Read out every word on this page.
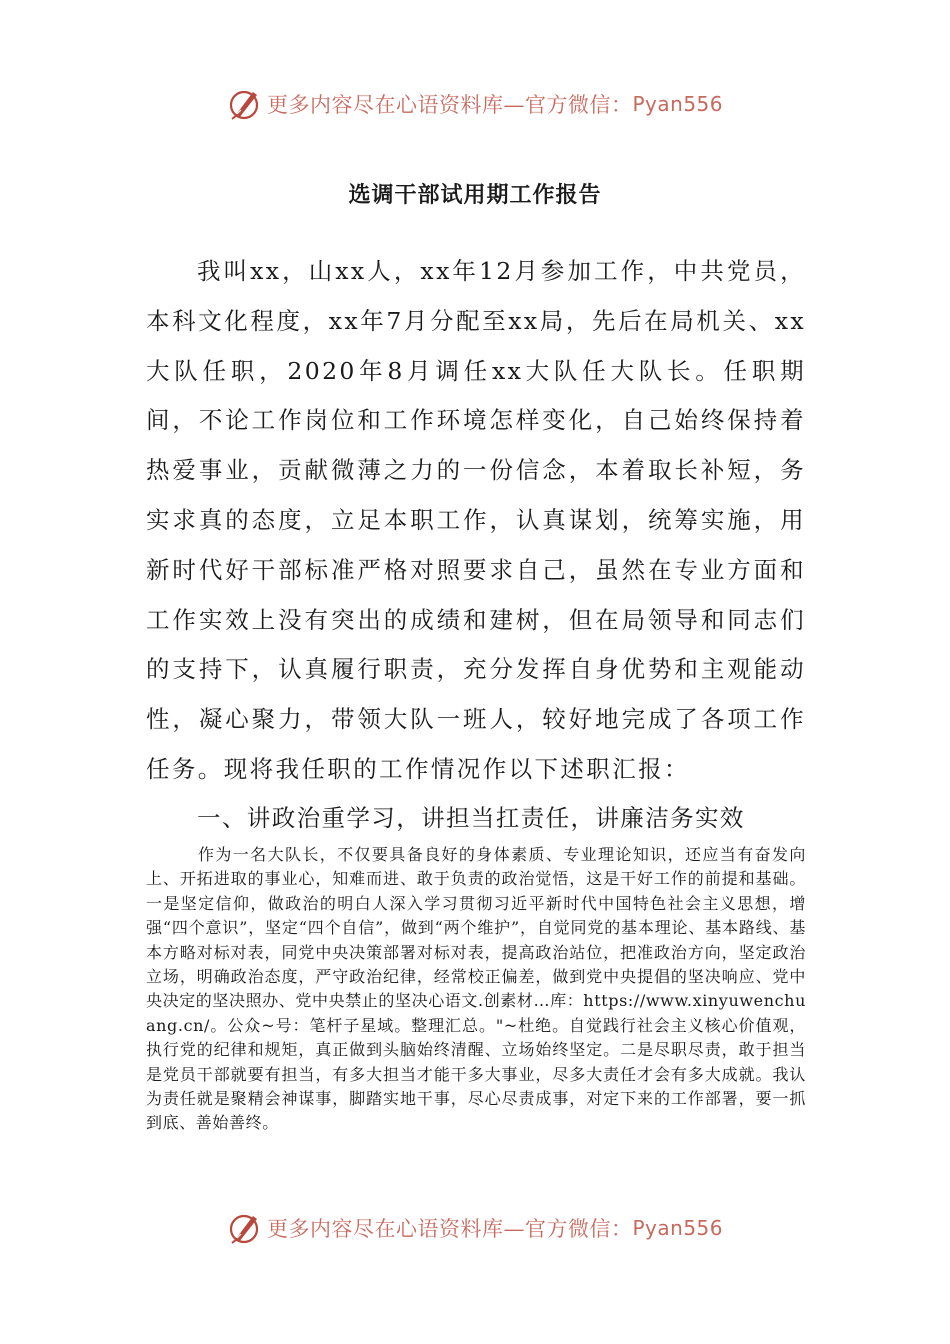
更多内容尽在心语资料库—官方微信： Pyan556
选调干部试用期工作报告

我叫xx，山xx人，xx年12月参加工作，中共党员，本科文化程度，xx年7月分配至xx局，先后在局机关、xx大队任职，2020年8月调任xx大队任大队长。任职期间，不论工作岗位和工作环境怎样变化，自己始终保持着热爱事业，贡献微薄之力的一份信念，本着取长补短，务实求真的态度，立足本职工作，认真谋划，统筹实施，用新时代好干部标准严格对照要求自己，虽然在专业方面和工作实效上没有突出的成绩和建树，但在局领导和同志们的支持下，认真履行职责，充分发挥自身优势和主观能动性，凝心聚力，带领大队一班人，较好地完成了各项工作任务。现将我任职的工作情况作以下述职汇报：

一、讲政治重学习，讲担当扛责任，讲廉洁务实效

作为一名大队长，不仅要具备良好的身体素质、专业理论知识，还应当有奋发向上、开拓进取的事业心，知难而进、敢于负责的政治觉悟，这是干好工作的前提和基础。一是坚定信仰，做政治的明白人深入学习贯彻习近平新时代中国特色社会主义思想，增强“四个意识”，坚定“四个自信”，做到“两个维护”，自觉同党的基本理论、基本路线、基本方略对标对表，同党中央决策部署对标对表，提高政治站位，把准政治方向，坚定政治立场，明确政治态度，严守政治纪律，经常校正偏差，做到党中央提倡的坚决响应、党中央决定的坚决照办、党中央禁止的坚决心语文.创素材…库：https://www.xinyuwenchuang.cn/。公众~号：笔杆子星域。整理汇总。"~杜绝。自觉践行社会主义核心价值观，执行党的纪律和规矩，真正做到头脑始终清醒、立场始终坚定。二是尽职尽责，敢于担当是党员干部就要有担当，有多大担当才能干多大事业，尽多大责任才会有多大成就。我认为责任就是聚精会神谋事，脚踏实地干事，尽心尽责成事，对定下来的工作部署，要一抓到底、善始善终。

更多内容尽在心语资料库—官方微信： Pyan556
